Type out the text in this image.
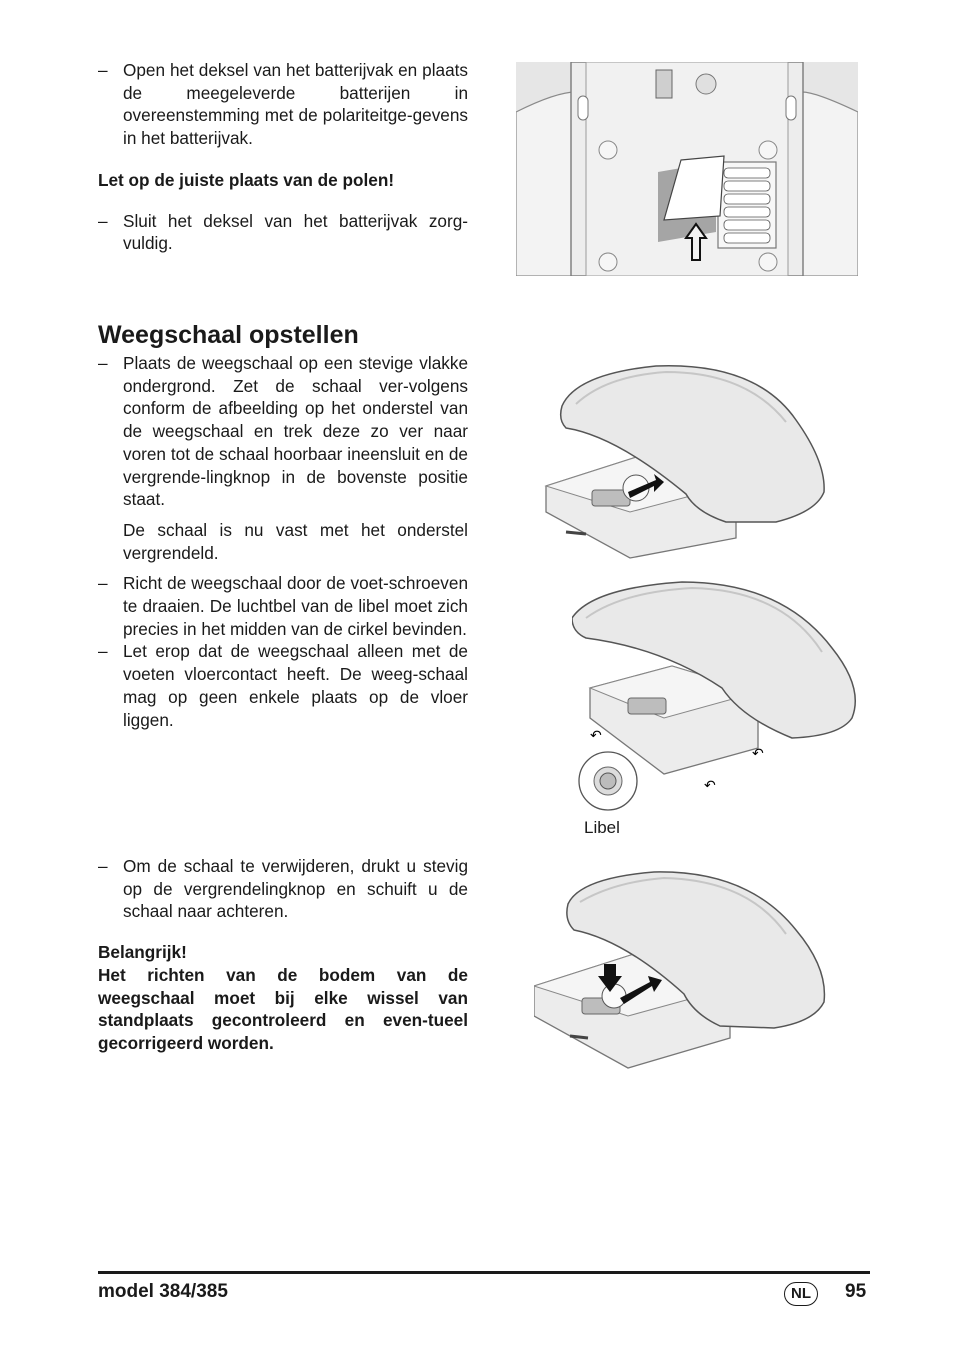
– Open het deksel van het batterijvak en plaats de meegeleverde batterijen in overeenstemming met de polariteitge-gevens in het batterijvak.

Let op de juiste plaats van de polen!

– Sluit het deksel van het batterijvak zorg-vuldig.

Weegschaal opstellen

– Plaats de weegschaal op een stevige vlakke ondergrond. Zet de schaal ver-volgens conform de afbeelding op het onderstel van de weegschaal en trek deze zo ver naar voren tot de schaal hoorbaar ineensluit en de vergrende-lingknop in de bovenste positie staat.

De schaal is nu vast met het onderstel vergrendeld.

– Richt de weegschaal door de voet-schroeven te draaien. De luchtbel van de libel moet zich precies in het midden van de cirkel bevinden.

– Let erop dat de weegschaal alleen met de voeten vloercontact heeft. De weeg-schaal mag op geen enkele plaats op de vloer liggen.

↶
↶
↶
Libel

– Om de schaal te verwijderen, drukt u stevig op de vergrendelingknop en schuift u de schaal naar achteren.

Belangrijk!

Het richten van de bodem van de weegschaal moet bij elke wissel van standplaats gecontroleerd en even-tueel gecorrigeerd worden.

model 384/385	NL	95
